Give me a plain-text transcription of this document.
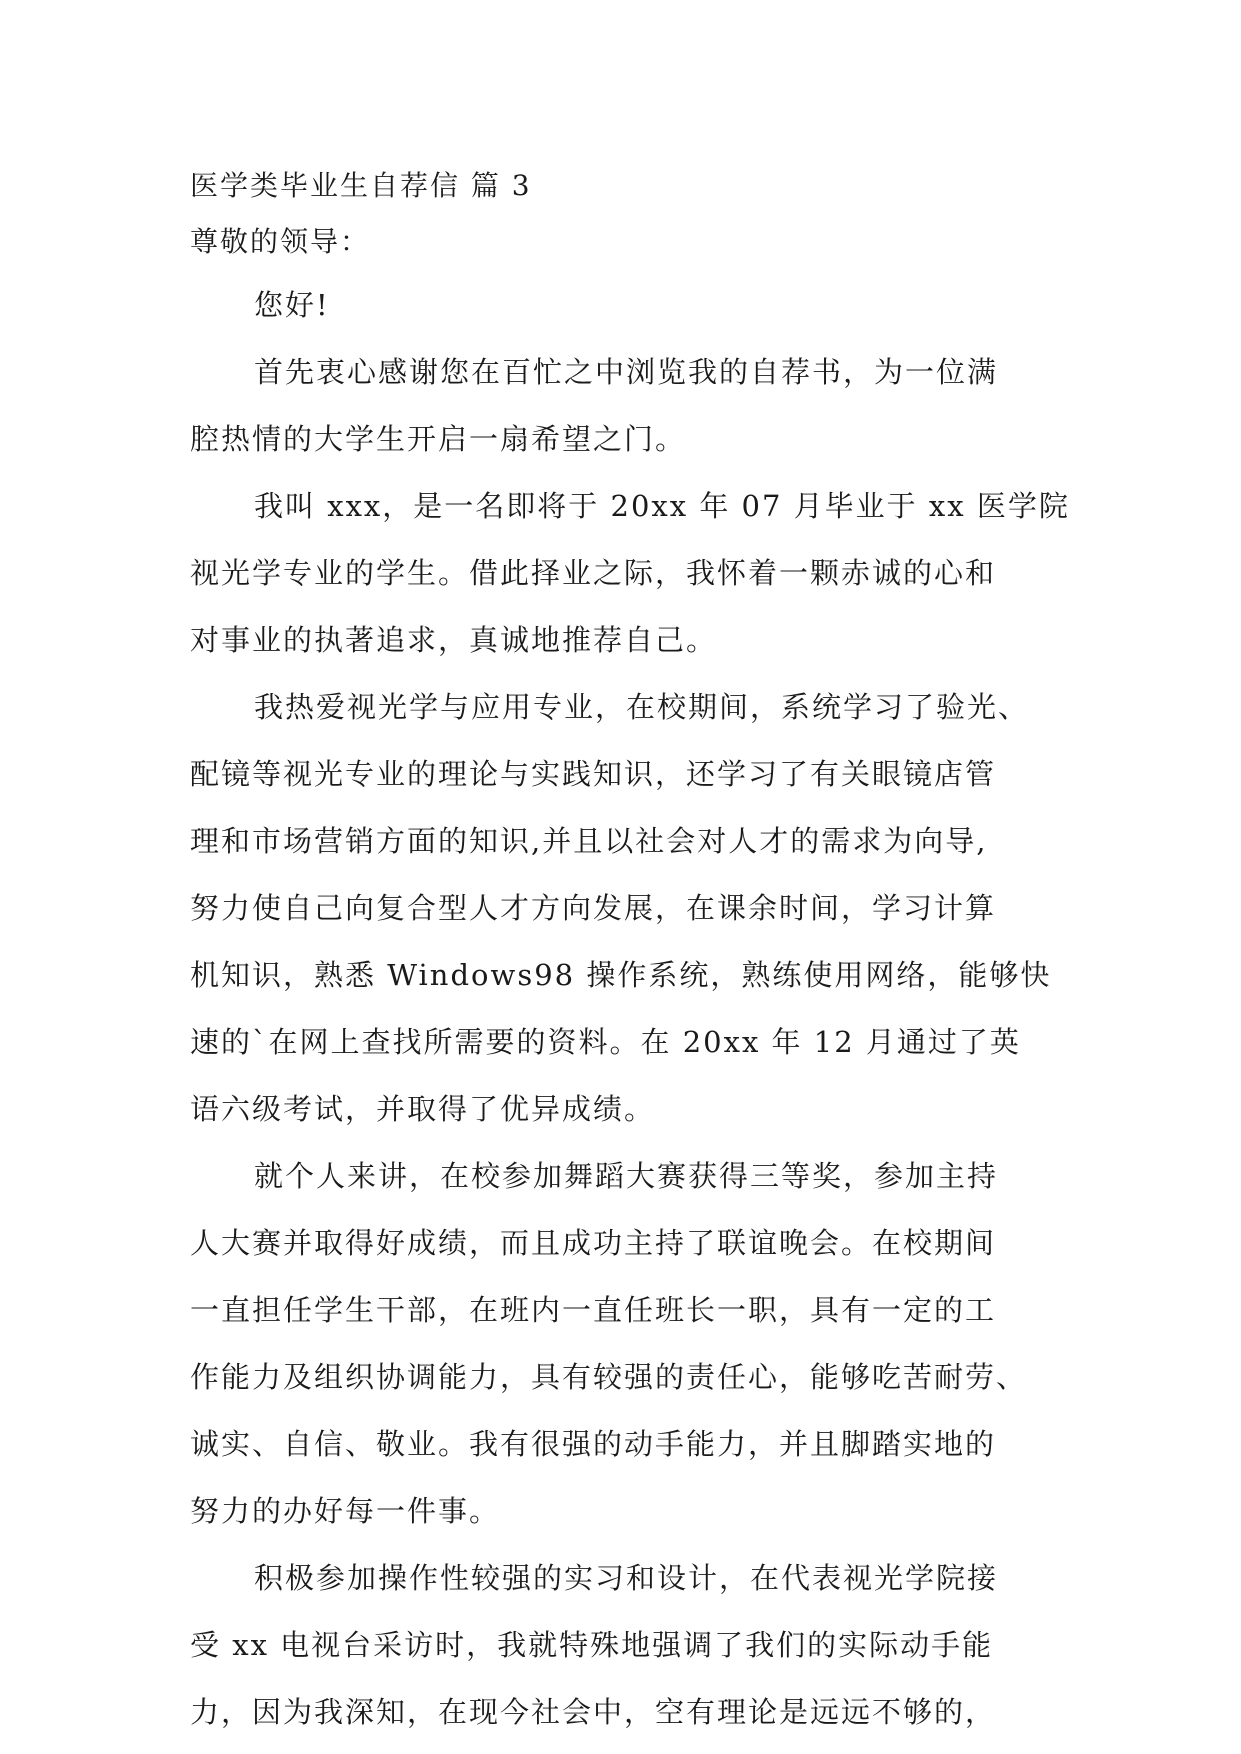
医学类毕业生自荐信 篇 3
尊敬的领导：

您好!

首先衷心感谢您在百忙之中浏览我的自荐书，为一位满
腔热情的大学生开启一扇希望之门。

我叫 xxx，是一名即将于 20xx 年 07 月毕业于 xx 医学院
视光学专业的学生。借此择业之际，我怀着一颗赤诚的心和
对事业的执著追求，真诚地推荐自己。

我热爱视光学与应用专业，在校期间，系统学习了验光、
配镜等视光专业的理论与实践知识，还学习了有关眼镜店管
理和市场营销方面的知识,并且以社会对人才的需求为向导,
努力使自己向复合型人才方向发展，在课余时间，学习计算
机知识，熟悉 Windows98 操作系统，熟练使用网络，能够快
速的`在网上查找所需要的资料。在 20xx 年 12 月通过了英
语六级考试，并取得了优异成绩。

就个人来讲，在校参加舞蹈大赛获得三等奖，参加主持
人大赛并取得好成绩，而且成功主持了联谊晚会。在校期间
一直担任学生干部，在班内一直任班长一职，具有一定的工
作能力及组织协调能力，具有较强的责任心，能够吃苦耐劳、
诚实、自信、敬业。我有很强的动手能力，并且脚踏实地的
努力的办好每一件事。

积极参加操作性较强的实习和设计，在代表视光学院接
受 xx 电视台采访时，我就特殊地强调了我们的实际动手能
力，因为我深知，在现今社会中，空有理论是远远不够的，
